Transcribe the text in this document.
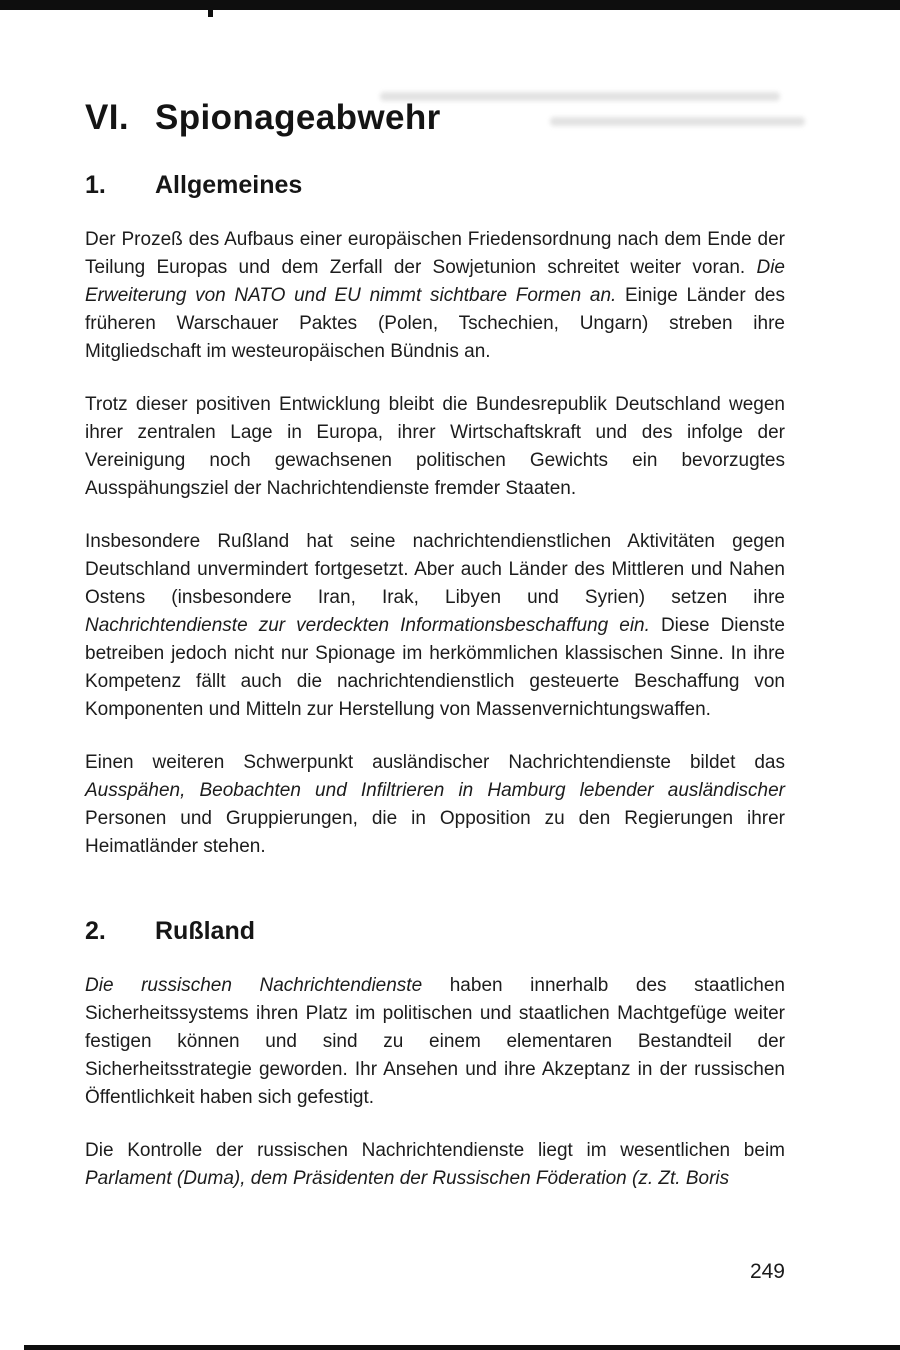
VI. Spionageabwehr
1.	Allgemeines

Der Prozeß des Aufbaus einer europäischen Friedensordnung nach dem Ende der Teilung Europas und dem Zerfall der Sowjetunion schreitet weiter voran. Die Erweiterung von NATO und EU nimmt sichtbare Formen an. Einige Länder des früheren Warschauer Paktes (Polen, Tschechien, Ungarn) streben ihre Mitgliedschaft im westeuropäischen Bündnis an.

Trotz dieser positiven Entwicklung bleibt die Bundesrepublik Deutschland wegen ihrer zentralen Lage in Europa, ihrer Wirtschaftskraft und des infolge der Vereinigung noch gewachsenen politischen Gewichts ein bevorzugtes Ausspähungsziel der Nachrichtendienste fremder Staaten.

Insbesondere Rußland hat seine nachrichtendienstlichen Aktivitäten gegen Deutschland unvermindert fortgesetzt. Aber auch Länder des Mittleren und Nahen Ostens (insbesondere Iran, Irak, Libyen und Syrien) setzen ihre Nachrichtendienste zur verdeckten Informationsbeschaffung ein. Diese Dienste betreiben jedoch nicht nur Spionage im herkömmlichen klassischen Sinne. In ihre Kompetenz fällt auch die nachrichtendienstlich gesteuerte Beschaffung von Komponenten und Mitteln zur Herstellung von Massenvernichtungswaffen.

Einen weiteren Schwerpunkt ausländischer Nachrichtendienste bildet das Ausspähen, Beobachten und Infiltrieren in Hamburg lebender ausländischer Personen und Gruppierungen, die in Opposition zu den Regierungen ihrer Heimatländer stehen.

2.	Rußland

Die russischen Nachrichtendienste haben innerhalb des staatlichen Sicherheitssystems ihren Platz im politischen und staatlichen Machtgefüge weiter festigen können und sind zu einem elementaren Bestandteil der Sicherheitsstrategie geworden. Ihr Ansehen und ihre Akzeptanz in der russischen Öffentlichkeit haben sich gefestigt.

Die Kontrolle der russischen Nachrichtendienste liegt im wesentlichen beim Parlament (Duma), dem Präsidenten der Russischen Föderation (z. Zt. Boris

249
